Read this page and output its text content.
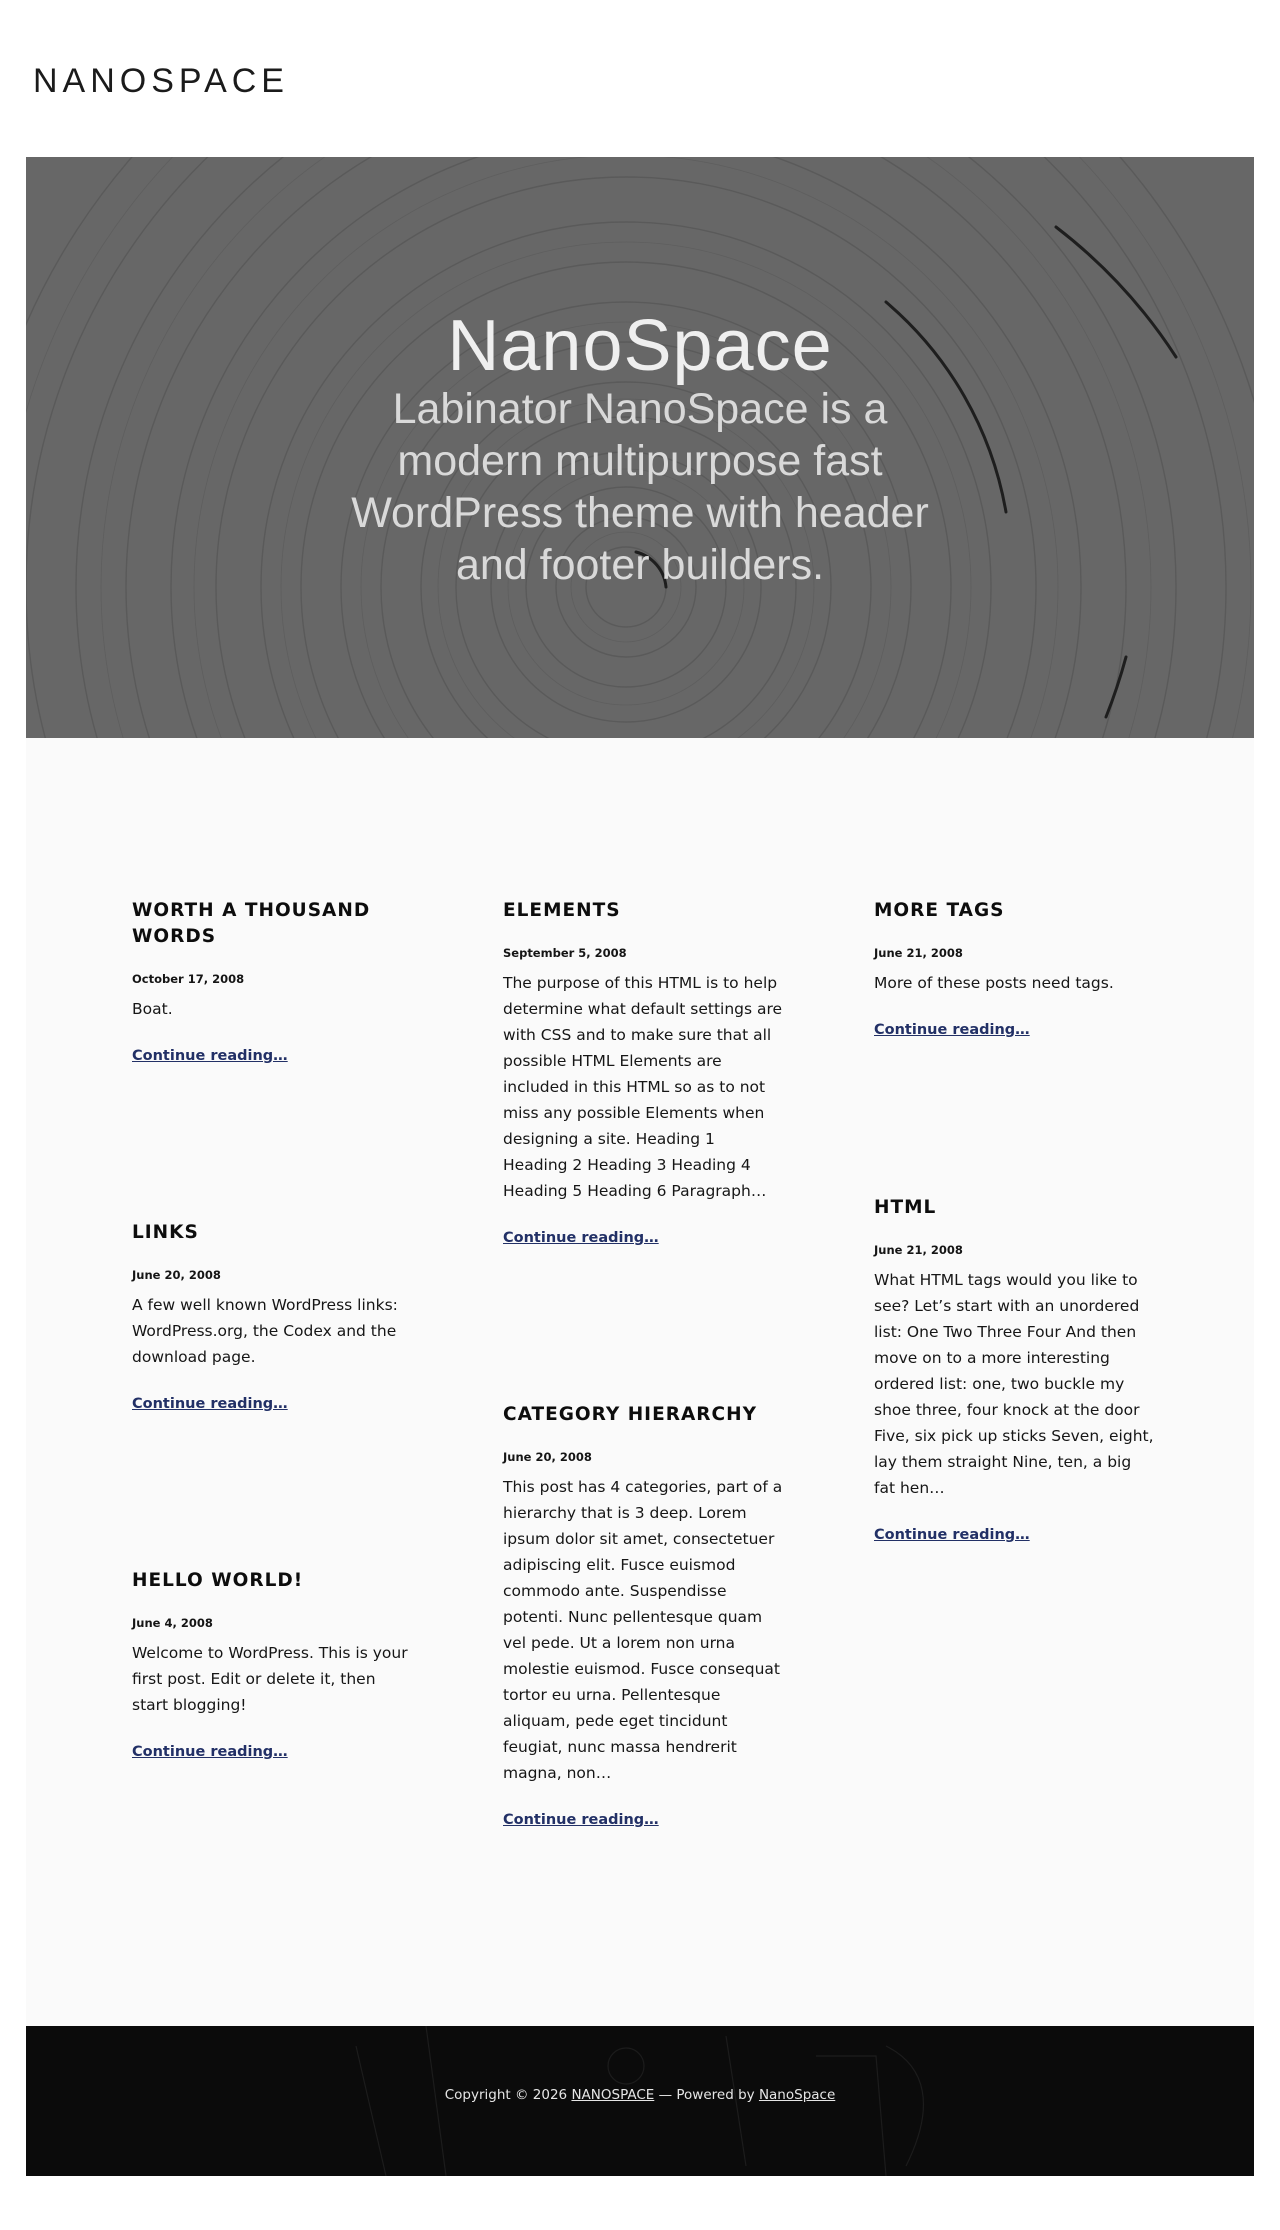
NANOSPACE
NanoSpace

Labinator NanoSpace is a modern multipurpose fast WordPress theme with header and footer builders.

WORTH A THOUSAND WORDS
October 17, 2008

Boat.

Continue reading…
LINKS
June 20, 2008

A few well known WordPress links: WordPress.org, the Codex and the download page.

Continue reading…
HELLO WORLD!
June 4, 2008

Welcome to WordPress. This is your first post. Edit or delete it, then start blogging!

Continue reading…
ELEMENTS
September 5, 2008

The purpose of this HTML is to help determine what default settings are with CSS and to make sure that all possible HTML Elements are included in this HTML so as to not miss any possible Elements when designing a site. Heading 1 Heading 2 Heading 3 Heading 4 Heading 5 Heading 6 Paragraph…

Continue reading…
CATEGORY HIERARCHY
June 20, 2008

This post has 4 categories, part of a hierarchy that is 3 deep. Lorem ipsum dolor sit amet, consectetuer adipiscing elit. Fusce euismod commodo ante. Suspendisse potenti. Nunc pellentesque quam vel pede. Ut a lorem non urna molestie euismod. Fusce consequat tortor eu urna. Pellentesque aliquam, pede eget tincidunt feugiat, nunc massa hendrerit magna, non…

Continue reading…
MORE TAGS
June 21, 2008

More of these posts need tags.

Continue reading…
HTML
June 21, 2008

What HTML tags would you like to see? Let’s start with an unordered list: One Two Three Four And then move on to a more interesting ordered list: one, two buckle my shoe three, four knock at the door Five, six pick up sticks Seven, eight, lay them straight Nine, ten, a big fat hen…

Continue reading…
Copyright © 2026 NANOSPACE — Powered by NanoSpace
